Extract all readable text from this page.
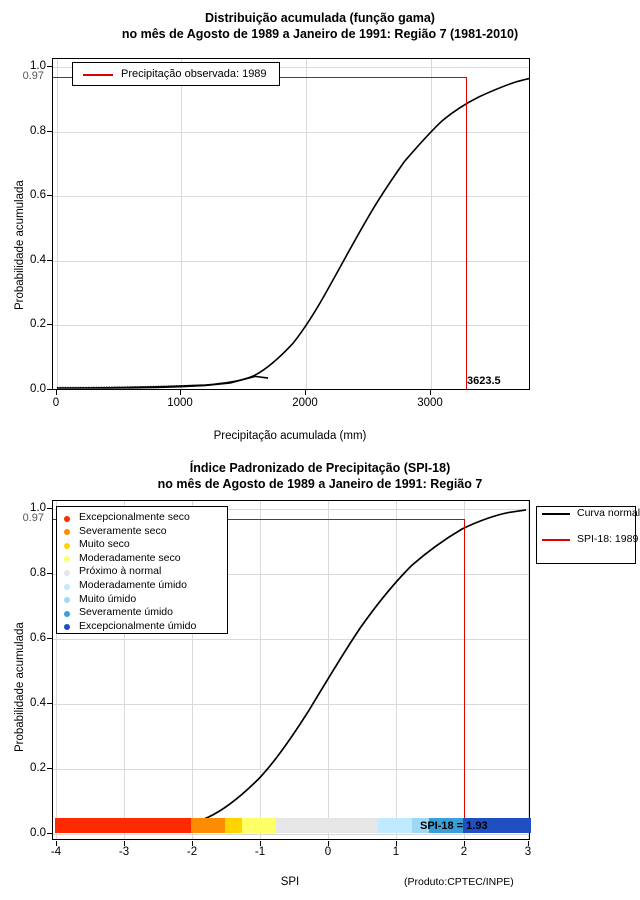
Distribuição acumulada (função gama)
no mês de Agosto de 1989 a Janeiro de 1991: Região 7 (1981-2010)
Probabilidade acumulada
0.0
0.2
0.4
0.6
0.8
1.0
0.97
3623.5
Precipitação observada: 1989
0	1000	2000	3000
Precipitação acumulada (mm)
Índice Padronizado de Precipitação (SPI-18)
no mês de Agosto de 1989 a Janeiro de 1991: Região 7
Probabilidade acumulada
0.0
0.2
0.4
0.6
0.8
1.0
0.97
SPI-18 = 1.93
Excepcionalmente seco
Severamente seco
Muito seco
Moderadamente seco
Próximo à normal
Moderadamente úmido
Muito úmido
Severamente úmido
Excepcionalmente úmido
Curva normal
SPI-18: 1989
-4	-3	-2	-1	0	1	2	3
SPI	(Produto:CPTEC/INPE)
